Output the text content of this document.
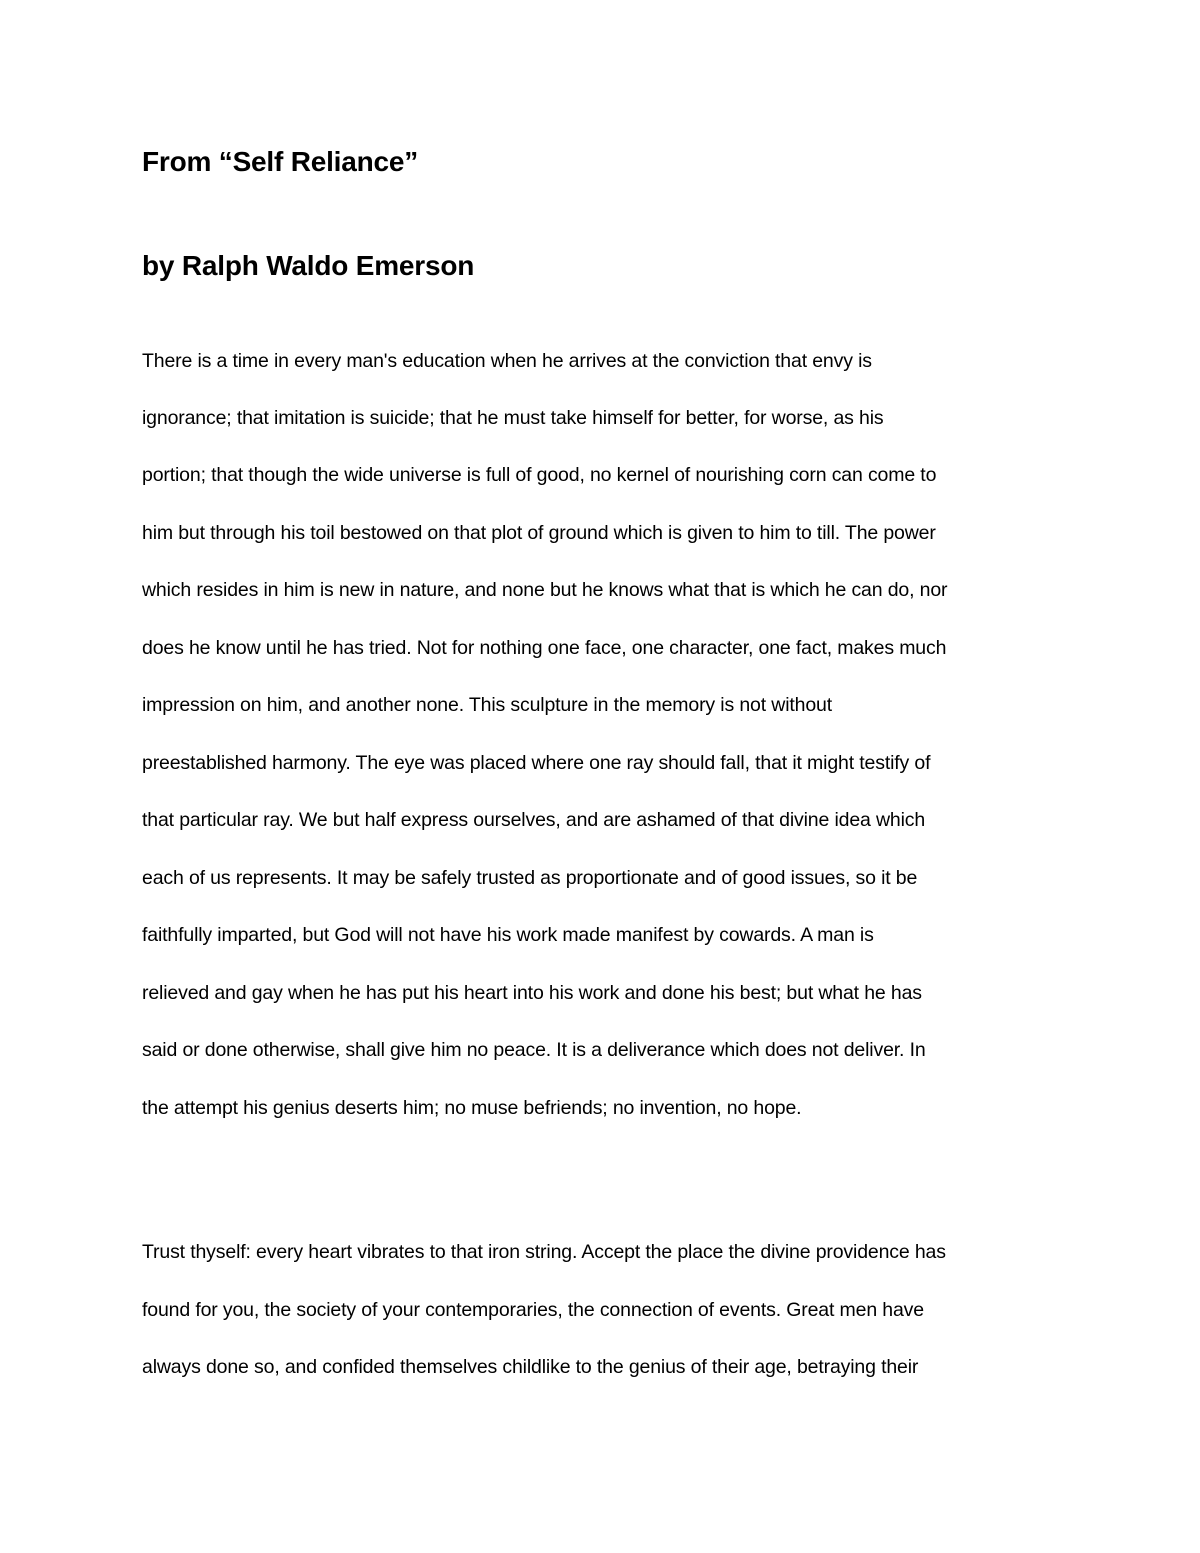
From “Self Reliance”
by Ralph Waldo Emerson
There is a time in every man's education when he arrives at the conviction that envy is
ignorance; that imitation is suicide; that he must take himself for better, for worse, as his
portion; that though the wide universe is full of good, no kernel of nourishing corn can come to
him but through his toil bestowed on that plot of ground which is given to him to till. The power
which resides in him is new in nature, and none but he knows what that is which he can do, nor
does he know until he has tried. Not for nothing one face, one character, one fact, makes much
impression on him, and another none. This sculpture in the memory is not without
preestablished harmony. The eye was placed where one ray should fall, that it might testify of
that particular ray. We but half express ourselves, and are ashamed of that divine idea which
each of us represents. It may be safely trusted as proportionate and of good issues, so it be
faithfully imparted, but God will not have his work made manifest by cowards. A man is
relieved and gay when he has put his heart into his work and done his best; but what he has
said or done otherwise, shall give him no peace. It is a deliverance which does not deliver. In
the attempt his genius deserts him; no muse befriends; no invention, no hope.
Trust thyself: every heart vibrates to that iron string. Accept the place the divine providence has
found for you, the society of your contemporaries, the connection of events. Great men have
always done so, and confided themselves childlike to the genius of their age, betraying their
